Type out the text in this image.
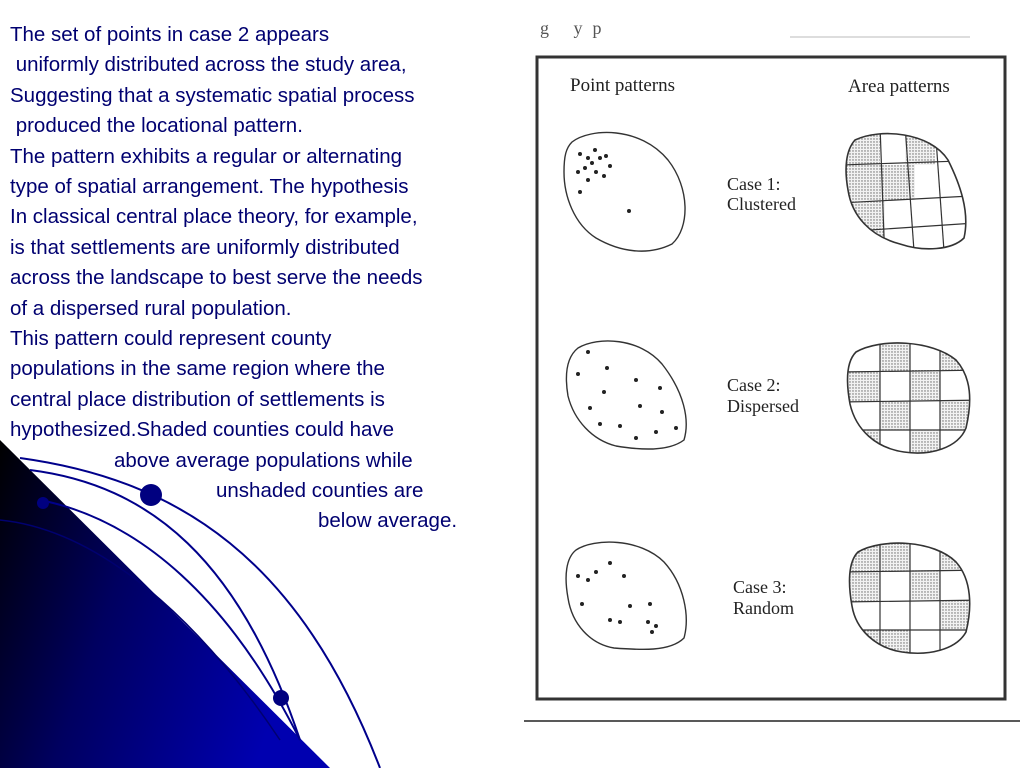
The set of points in case 2 appears
uniformly distributed across the study area,
Suggesting that a systematic spatial process
produced the locational pattern.
The pattern exhibits a regular or alternating
type of spatial arrangement. The hypothesis
In classical central place theory, for example,
is that settlements are uniformly distributed
across the landscape to best serve the needs
of a dispersed rural population.
This pattern could represent county
populations in the same region where the
central place distribution of settlements is
hypothesized.Shaded counties could have
above average populations while
unshaded counties are
below average.
g yp
Point patterns	Area patterns
Case 1:
Clustered
Case 2:
Dispersed
Case 3:
Random
